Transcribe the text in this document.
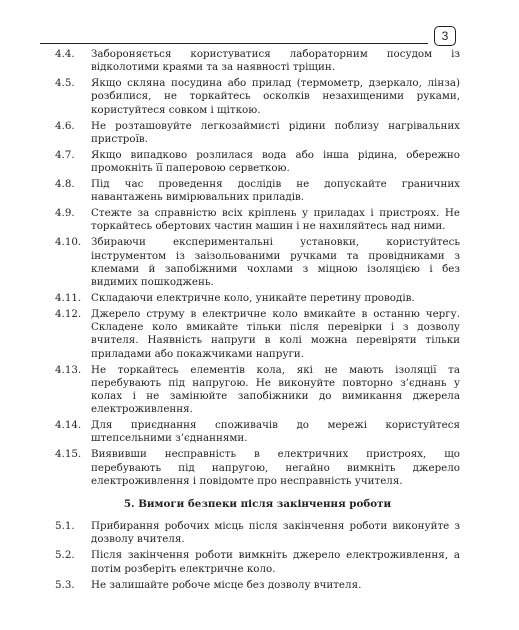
3
4.4.	Забороняється користуватися лабораторним посудом із відколотими краями та за наявності тріщин.
4.5.	Якщо скляна посудина або прилад (термометр, дзеркало, лінза) розбилися, не торкайтесь осколків незахищеними руками, користуйтеся совком і щіткою.
4.6.	Не розташовуйте легкозаймисті рідини поблизу нагрівальних пристроїв.
4.7.	Якщо випадково розлилася вода або інша рідина, обережно промокніть її паперовою серветкою.
4.8.	Під час проведення дослідів не допускайте граничних навантажень вимірювальних приладів.
4.9.	Стежте за справністю всіх кріплень у приладах і пристроях. Не торкайтесь обертових частин машин і не нахиляйтесь над ними.
4.10. Збираючи експериментальні установки, користуйтесь інструментом із заізольованими ручками та провідниками з клемами й запобіжними чохлами з міцною ізоляцією і без видимих пошкоджень.
4.11. Складаючи електричне коло, уникайте перетину проводів.
4.12. Джерело струму в електричне коло вмикайте в останню чергу. Складене коло вмикайте тільки після перевірки і з дозволу вчителя. Наявність напруги в колі можна перевіряти тільки приладами або покажчиками напруги.
4.13. Не торкайтесь елементів кола, які не мають ізоляції та перебувають під напругою. Не виконуйте повторно з’єднань у колах і не замінюйте запобіжники до вимикання джерела електроживлення.
4.14. Для приєднання споживачів до мережі користуйтеся штепсельними з’єднаннями.
4.15. Виявивши несправність в електричних пристроях, що перебувають під напругою, негайно вимкніть джерело електроживлення і повідомте про несправність учителя.
5. Вимоги безпеки після закінчення роботи
5.1.	Прибирання робочих місць після закінчення роботи виконуйте з дозволу вчителя.
5.2.	Після закінчення роботи вимкніть джерело електроживлення, а потім розберіть електричне коло.
5.3.	Не залишайте робоче місце без дозволу вчителя.
